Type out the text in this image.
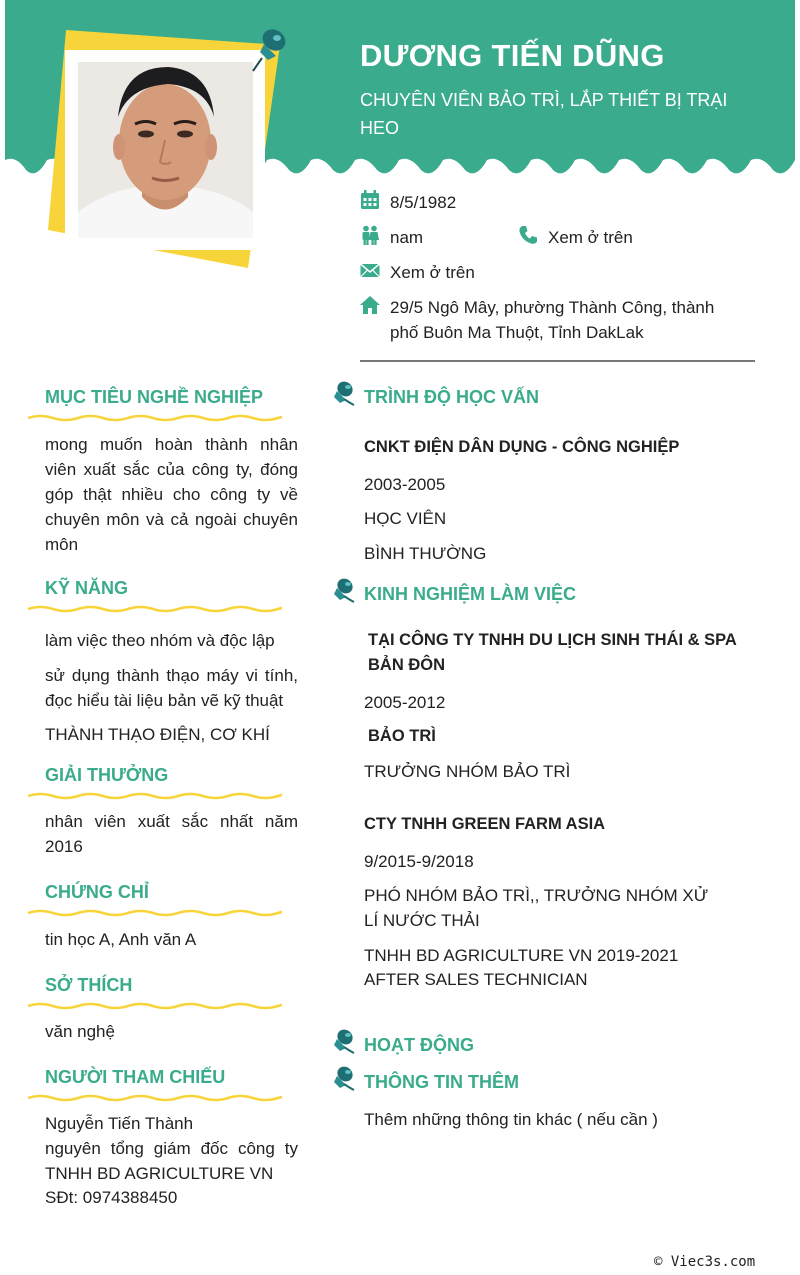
DƯƠNG TIẾN DŨNG
CHUYÊN VIÊN BẢO TRÌ, LẮP THIẾT BỊ TRẠI HEO
8/5/1982
nam	Xem ở trên
Xem ở trên
29/5 Ngô Mây, phường Thành Công, thành phố Buôn Ma Thuột, Tỉnh DakLak
MỤC TIÊU NGHỀ NGHIỆP
mong muốn hoàn thành nhân viên xuất sắc của công ty, đóng góp thật nhiều cho công ty về chuyên môn và cả ngoài chuyên môn
KỸ NĂNG
làm việc theo nhóm và độc lập
sử dụng thành thạo máy vi tính, đọc hiểu tài liệu bản vẽ kỹ thuật
THÀNH THẠO ĐIỆN, CƠ KHÍ
GIẢI THƯỞNG
nhân viên xuất sắc nhất năm 2016
CHỨNG CHỈ
tin học A, Anh văn A
SỞ THÍCH
văn nghệ
NGƯỜI THAM CHIẾU
Nguyễn Tiến Thành
nguyên tổng giám đốc công ty TNHH BD AGRICULTURE VN
SĐt: 0974388450
TRÌNH ĐỘ HỌC VẤN
CNKT ĐIỆN DÂN DỤNG - CÔNG NGHIỆP
2003-2005
HỌC VIÊN
BÌNH THƯỜNG
KINH NGHIỆM LÀM VIỆC
TẠI CÔNG TY TNHH DU LỊCH SINH THÁI & SPA BẢN ĐÔN
2005-2012
BẢO TRÌ
TRƯỞNG NHÓM BẢO TRÌ
CTY TNHH GREEN FARM ASIA
9/2015-9/2018
PHÓ NHÓM BẢO TRÌ,, TRƯỞNG NHÓM XỬ LÍ NƯỚC THẢI
TNHH BD AGRICULTURE VN 2019-2021
AFTER SALES TECHNICIAN
HOẠT ĐỘNG
THÔNG TIN THÊM
Thêm những thông tin khác ( nếu cần )
© Viec3s.com
